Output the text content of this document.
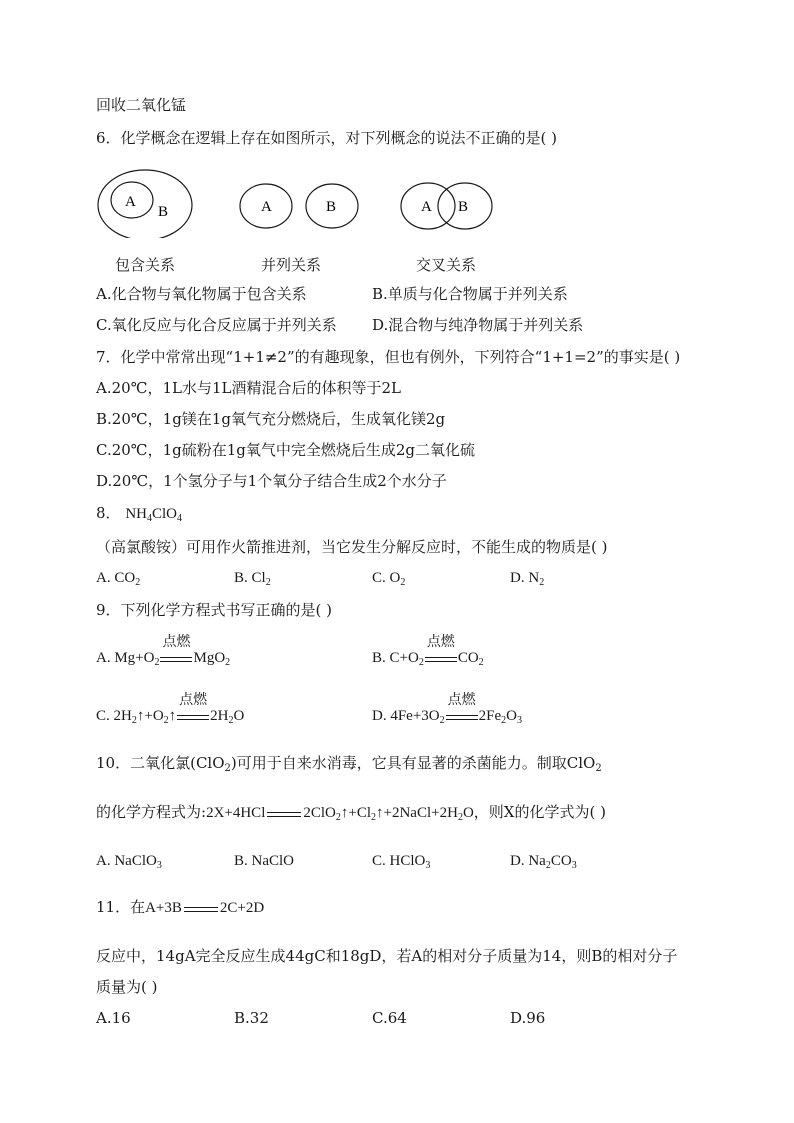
回收二氧化锰
6．化学概念在逻辑上存在如图所示，对下列概念的说法不正确的是( )
A
B	A	B	A B
包含关系	并列关系	交叉关系
A.化合物与氧化物属于包含关系	B.单质与化合物属于并列关系
C.氧化反应与化合反应属于并列关系 D.混合物与纯净物属于并列关系
7．化学中常常出现“1+1≠2”的有趣现象，但也有例外，下列符合“1+1=2”的事实是( )
A.20℃，1L水与1L酒精混合后的体积等于2L
B.20℃，1g镁在1g氧气充分燃烧后，生成氧化镁2g
C.20℃，1g硫粉在1g氧气中完全燃烧后生成2g二氧化硫
D.20℃，1个氢分子与1个氧分子结合生成2个水分子
8． $NH_4ClO_4$
（高氯酸铵）可用作火箭推进剂，当它发生分解反应时，不能生成的物质是( )
A. $CO_2$	B. $Cl_2$	C. $O_2$	D. $N_2$
9．下列化学方程式书写正确的是( )
A. $Mg+O_2$
点燃
MgO$_2$	B. $C+O_2$
点燃
$CO_2$
C. $2H_2↑+O_2↑$
点燃
$2H_2O$	D. $4Fe+3O_2$
点燃
$2Fe_2O_3$
10．二氧化氯(ClO$_2$)可用于自来水消毒，它具有显著的杀菌能力。制取ClO$_2$
的化学方程式为:2X+4HCl	$2ClO_2↑+Cl_2↑+2NaCl+2H_2O$，则X的化学式为( )
A. NaClO$_3$	B. NaClO	C. HClO$_3$	D. $Na_2CO_3$
11．在A+3B	2C+2D
反应中，14gA完全反应生成44gC和18gD，若A的相对分子质量为14，则B的相对分子
质量为( )
A.16	B.32	C.64	D.96
